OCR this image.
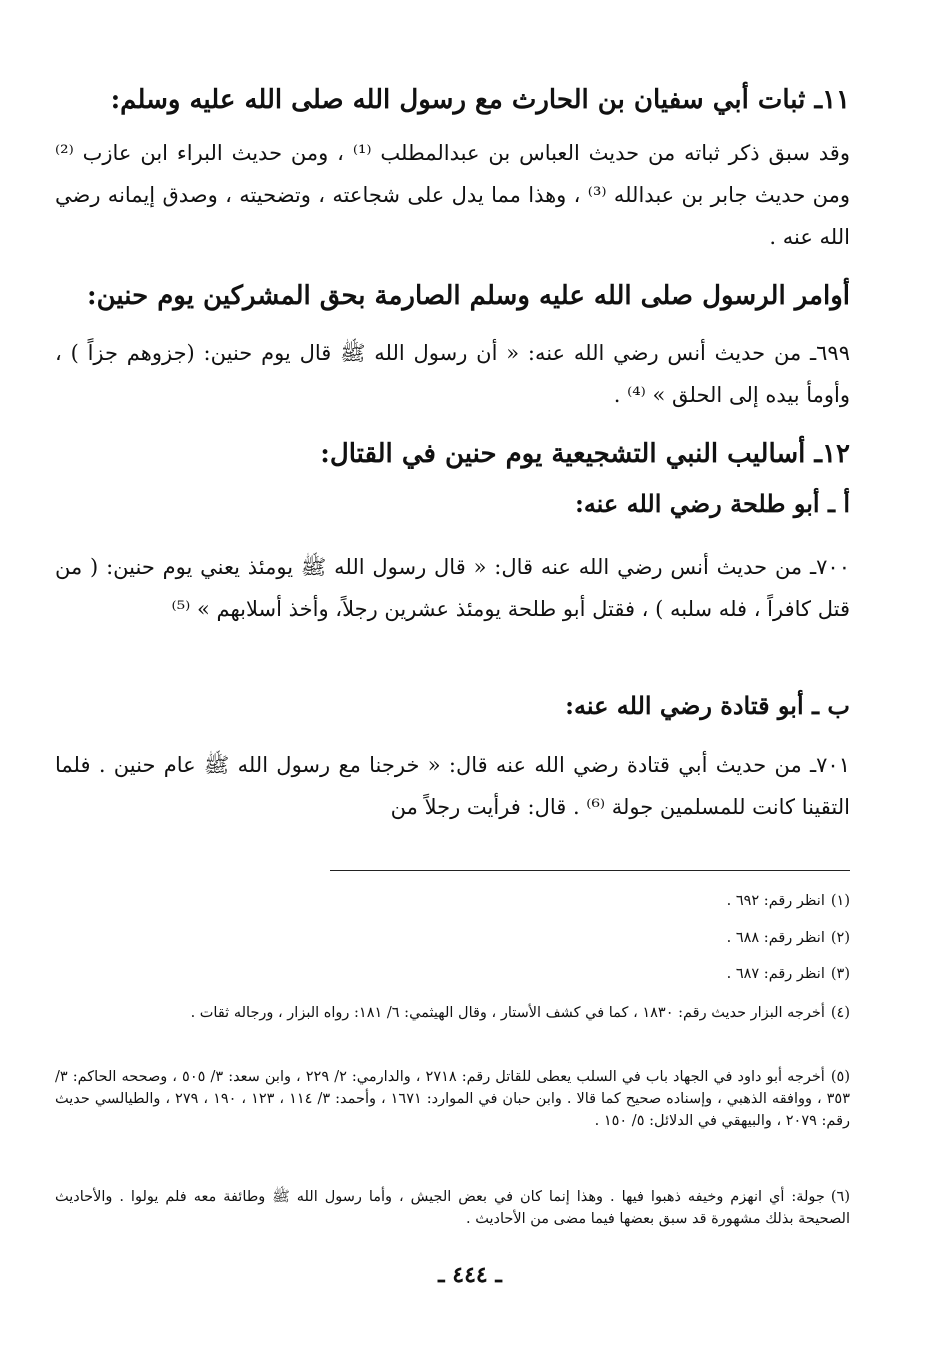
١١ـ ثبات أبي سفيان بن الحارث مع رسول الله صلى الله عليه وسلم:

وقد سبق ذكر ثباته من حديث العباس بن عبدالمطلب ⁽¹⁾ ، ومن حديث البراء ابن عازب ⁽²⁾ ومن حديث جابر بن عبدالله ⁽³⁾ ، وهذا مما يدل على شجاعته ، وتضحيته ، وصدق إيمانه رضي الله عنه .

أوامر الرسول صلى الله عليه وسلم الصارمة بحق المشركين يوم حنين:

٦٩٩ـ من حديث أنس رضي الله عنه: « أن رسول الله ﷺ قال يوم حنين: (جزوهم جزاً ) ، وأومأ بيده إلى الحلق » ⁽⁴⁾ .

١٢ـ أساليب النبي التشجيعية يوم حنين في القتال:
أ ـ أبو طلحة رضي الله عنه:

٧٠٠ـ من حديث أنس رضي الله عنه قال: « قال رسول الله ﷺ يومئذ يعني يوم حنين: ( من قتل كافراً ، فله سلبه ) ، فقتل أبو طلحة يومئذ عشرين رجلاً، وأخذ أسلابهم » ⁽⁵⁾

ب ـ أبو قتادة رضي الله عنه:

٧٠١ـ من حديث أبي قتادة رضي الله عنه قال: « خرجنا مع رسول الله ﷺ عام حنين . فلما التقينا كانت للمسلمين جولة ⁽⁶⁾ . قال: فرأيت رجلاً من

(١)انظر رقم: ٦٩٢ .
(٢)انظر رقم: ٦٨٨ .
(٣)انظر رقم: ٦٨٧ .
(٤)أخرجه البزار حديث رقم: ١٨٣٠ ، كما في كشف الأستار ، وقال الهيثمي: ٦/ ١٨١: رواه البزار ، ورجاله ثقات .
(٥)أخرجه أبو داود في الجهاد باب في السلب يعطى للقاتل رقم: ٢٧١٨ ، والدارمي: ٢/ ٢٢٩ ، وابن سعد: ٣/ ٥٠٥ ، وصححه الحاكم: ٣/ ٣٥٣ ، ووافقه الذهبي ، وإسناده صحيح كما قالا . وابن حبان في الموارد: ١٦٧١ ، وأحمد: ٣/ ١١٤ ، ١٢٣ ، ١٩٠ ، ٢٧٩ ، والطيالسي حديث رقم: ٢٠٧٩ ، والبيهقي في الدلائل: ٥/ ١٥٠ .
(٦)جولة: أي انهزم وخيفه ذهبوا فيها . وهذا إنما كان في بعض الجيش ، وأما رسول الله ﷺ وطائفة معه فلم يولوا . والأحاديث الصحيحة بذلك مشهورة قد سبق بعضها فيما مضى من الأحاديث .
ـ ٤٤٤ ـ
